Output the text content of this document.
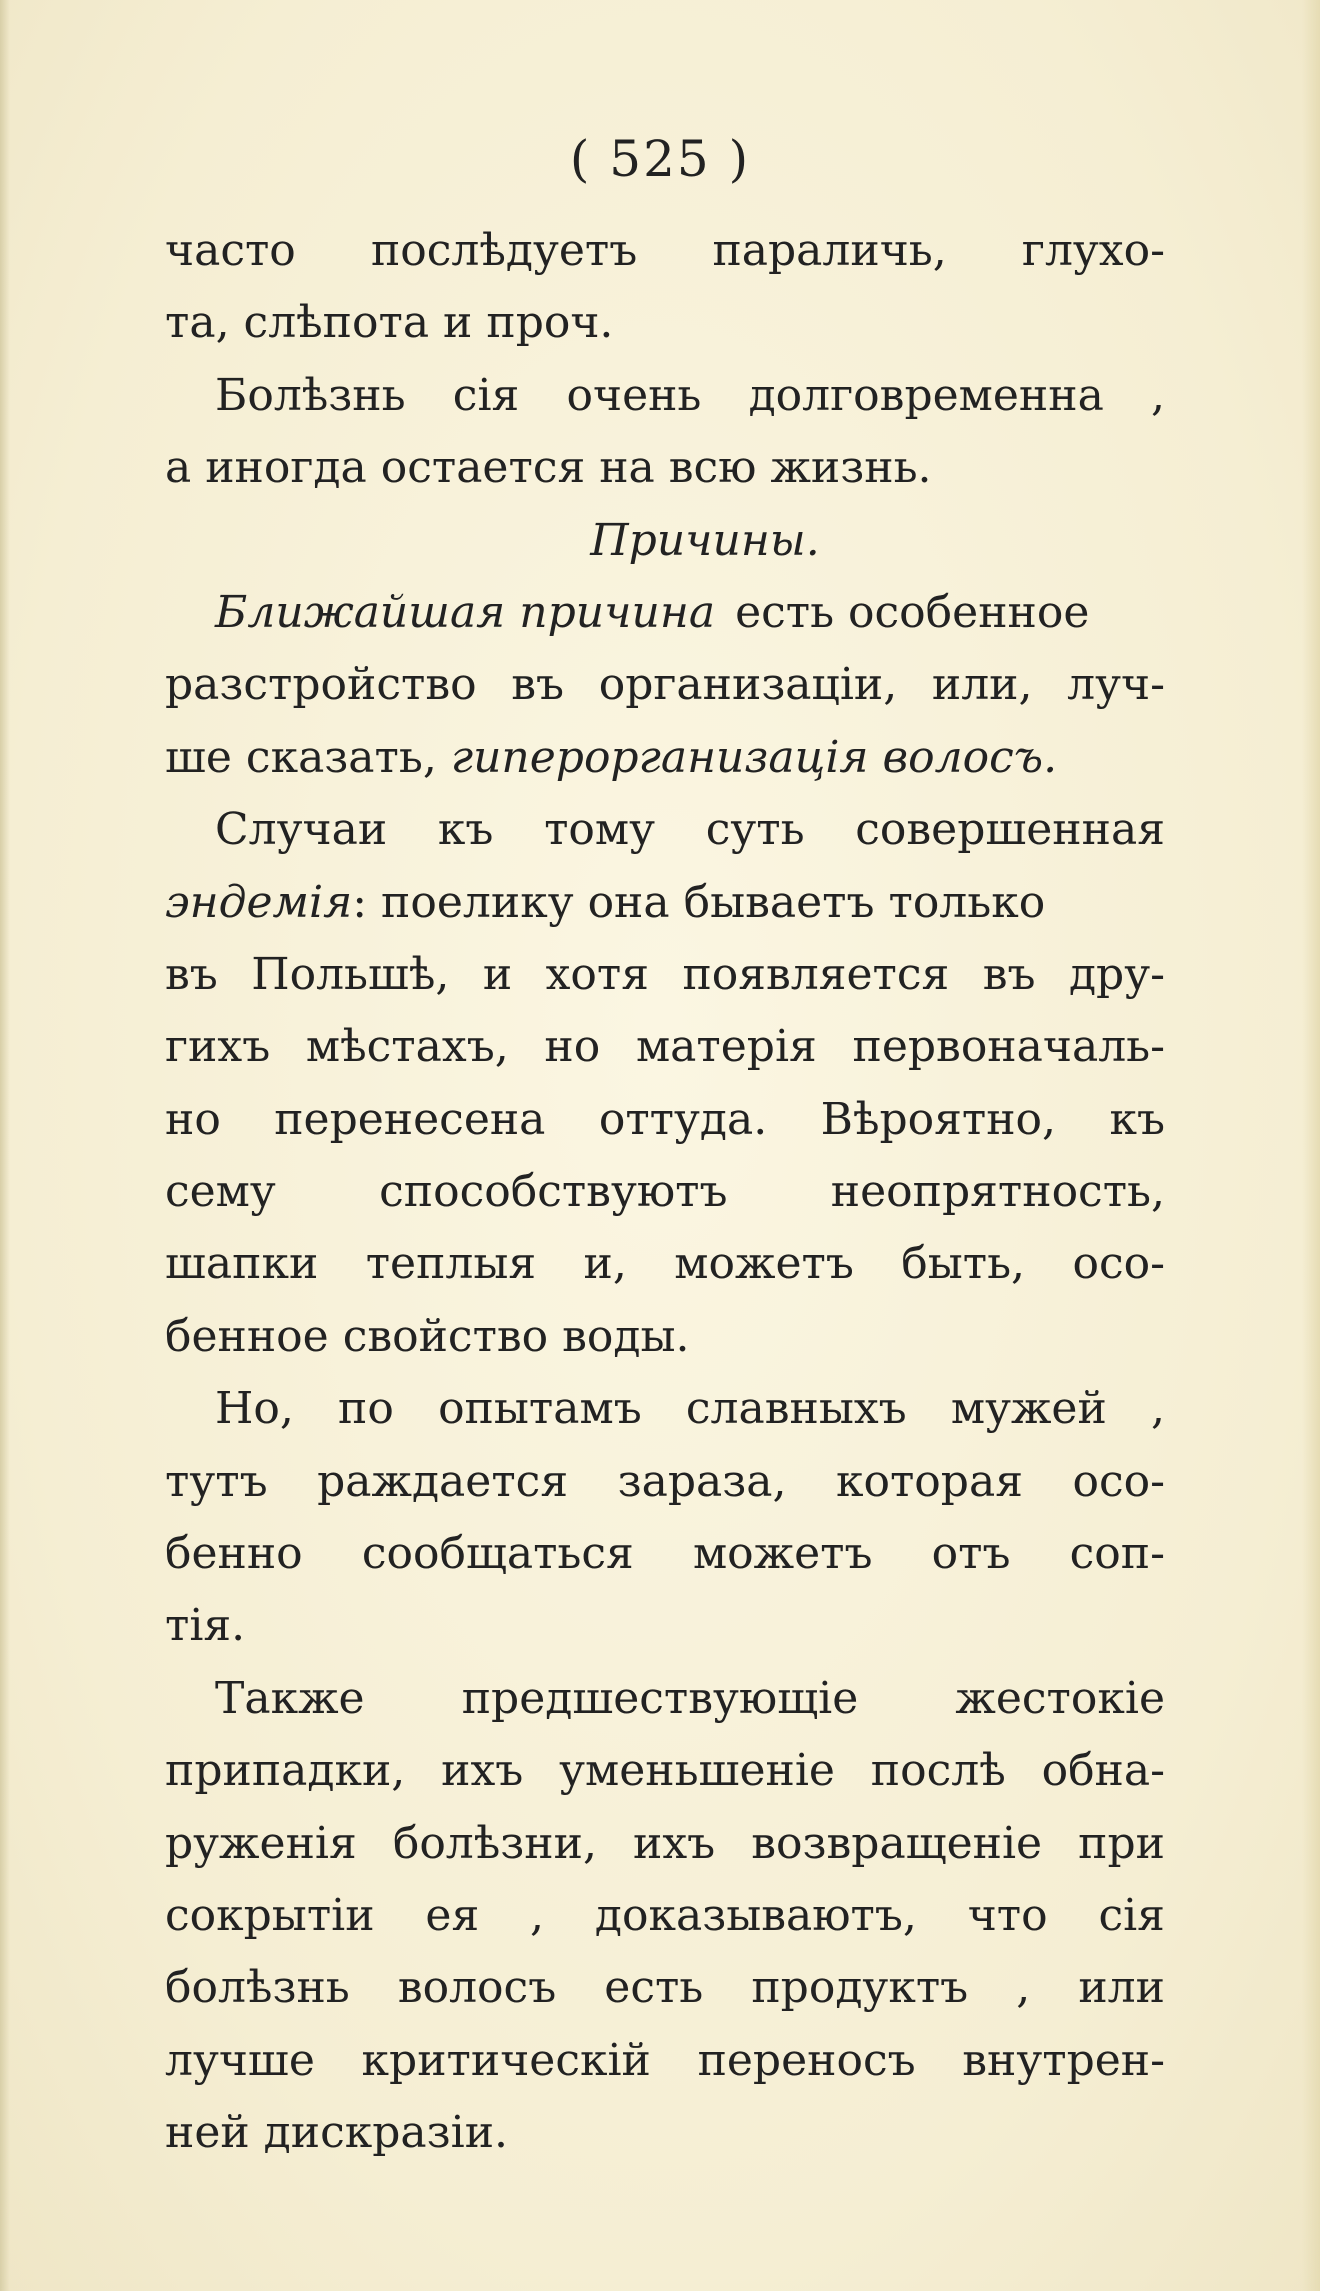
( 525 )
часто послѣдуетъ параличь, глухо-
та, слѣпота и проч.
Болѣзнь сія очень долговременна ,
а иногда остается на всю жизнь.
Причины.
Ближайшая причина есть особенное
разстройство въ организацiи, или, луч-
ше сказать, гиперорганизацiя волосъ.
Случаи къ тому суть совершенная
эндемiя : поелику она бываетъ только
въ Польшѣ, и хотя появляется въ дру-
гихъ мѣстахъ, но матерiя первоначаль-
но перенесена оттуда. Вѣроятно, къ
сему способствуютъ неопрятность,
шапки теплыя и, можетъ быть, осо-
бенное свойство воды.
Но, по опытамъ славныхъ мужей ,
тутъ раждается зараза, которая осо-
бенно сообщаться можетъ отъ соп-
тiя.
Также предшествующiе жестокiе
припадки, ихъ уменьшенiе послѣ обна-
руженiя болѣзни, ихъ возвращенiе при
сокрытiи ея , доказываютъ, что сiя
болѣзнь волосъ есть продуктъ , или
лучше критическiй переносъ внутрен-
ней дискразiи.
